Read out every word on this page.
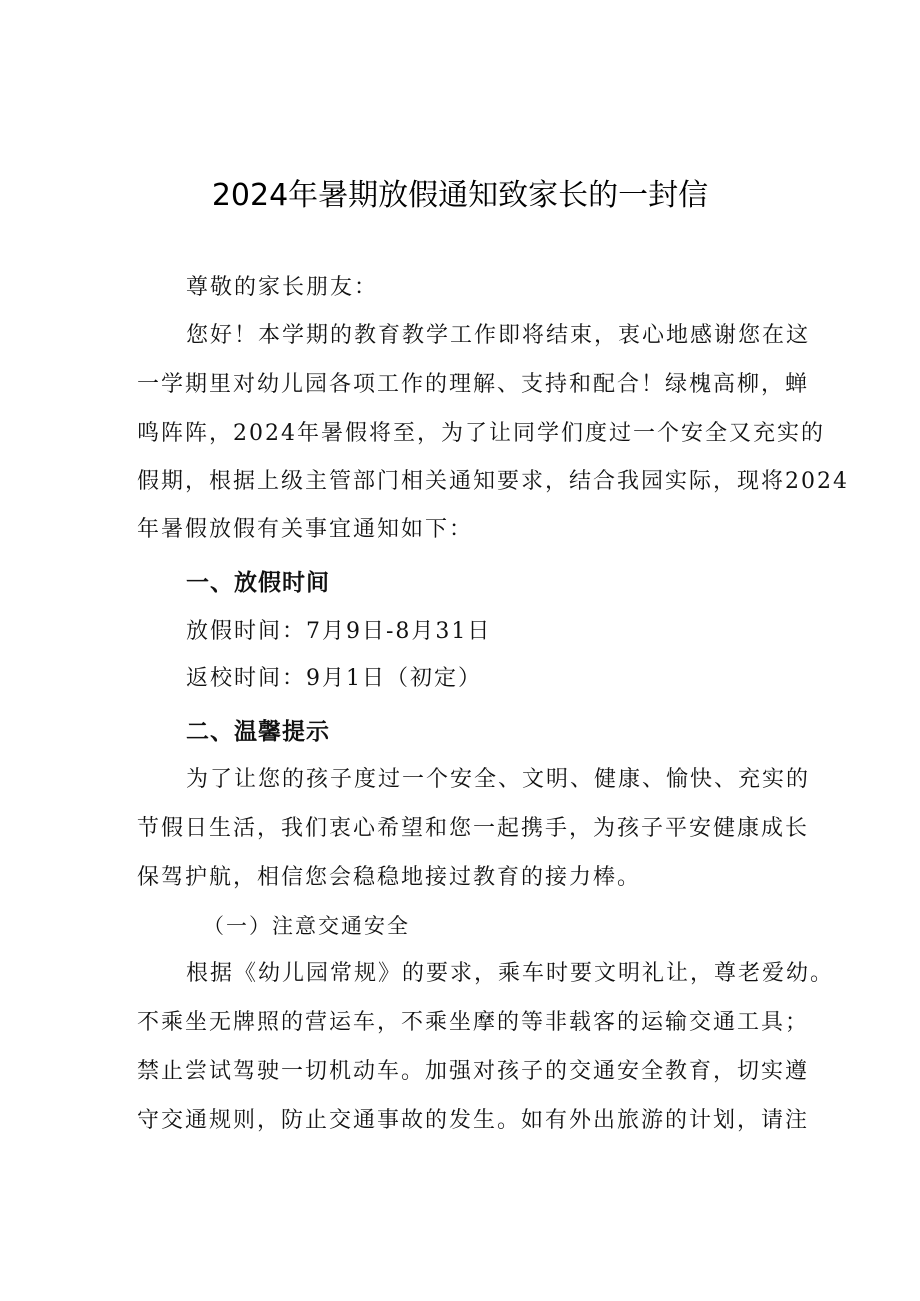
2024年暑期放假通知致家长的一封信
尊敬的家长朋友：
您好！本学期的教育教学工作即将结束，衷心地感谢您在这
一学期里对幼儿园各项工作的理解、支持和配合！绿槐高柳，蝉
鸣阵阵，2024年暑假将至，为了让同学们度过一个安全又充实的
假期，根据上级主管部门相关通知要求，结合我园实际，现将2024
年暑假放假有关事宜通知如下：
一、放假时间
放假时间：7月9日-8月31日
返校时间：9月1日（初定）
二、温馨提示
为了让您的孩子度过一个安全、文明、健康、愉快、充实的
节假日生活，我们衷心希望和您一起携手，为孩子平安健康成长
保驾护航，相信您会稳稳地接过教育的接力棒。
（一）注意交通安全
根据《幼儿园常规》的要求，乘车时要文明礼让，尊老爱幼。
不乘坐无牌照的营运车，不乘坐摩的等非载客的运输交通工具；
禁止尝试驾驶一切机动车。加强对孩子的交通安全教育，切实遵
守交通规则，防止交通事故的发生。如有外出旅游的计划，请注
